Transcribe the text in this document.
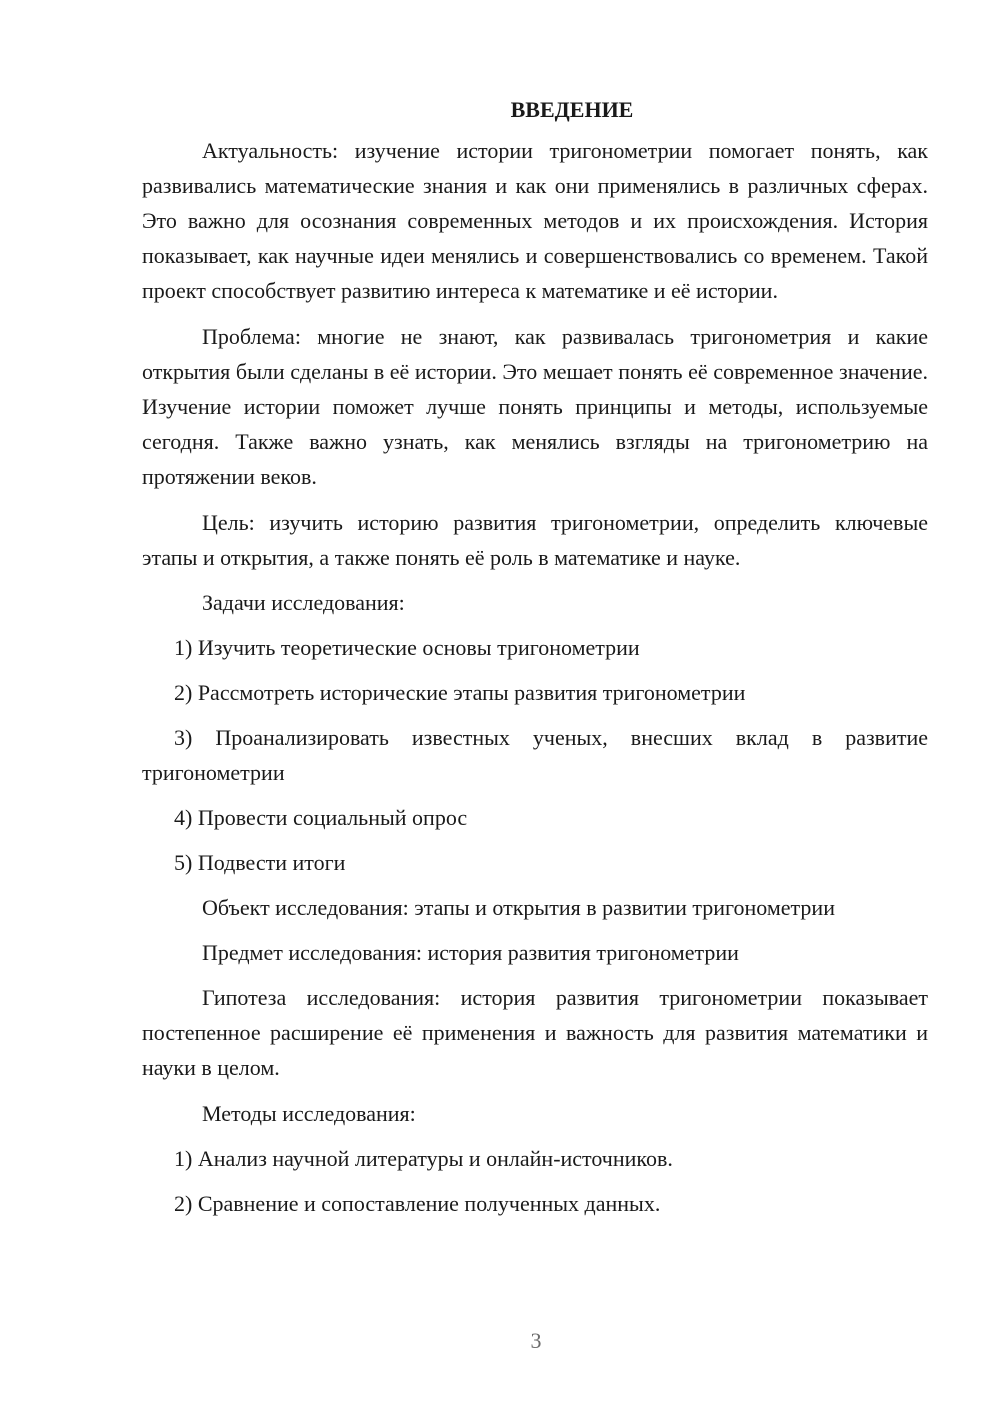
ВВЕДЕНИЕ

Актуальность: изучение истории тригонометрии помогает понять, как развивались математические знания и как они применялись в различных сферах. Это важно для осознания современных методов и их происхождения. История показывает, как научные идеи менялись и совершенствовались со временем. Такой проект способствует развитию интереса к математике и её истории.

Проблема: многие не знают, как развивалась тригонометрия и какие открытия были сделаны в её истории. Это мешает понять её современное значение. Изучение истории поможет лучше понять принципы и методы, используемые сегодня. Также важно узнать, как менялись взгляды на тригонометрию на протяжении веков.

Цель: изучить историю развития тригонометрии, определить ключевые этапы и открытия, а также понять её роль в математике и науке.

Задачи исследования:

1) Изучить теоретические основы тригонометрии

2) Рассмотреть исторические этапы развития тригонометрии

3) Проанализировать известных ученых, внесших вклад в развитие тригонометрии

4) Провести социальный опрос

5) Подвести итоги

Объект исследования: этапы и открытия в развитии тригонометрии

Предмет исследования: история развития тригонометрии

Гипотеза исследования: история развития тригонометрии показывает постепенное расширение её применения и важность для развития математики и науки в целом.

Методы исследования:

1) Анализ научной литературы и онлайн-источников.

2) Сравнение и сопоставление полученных данных.

3
